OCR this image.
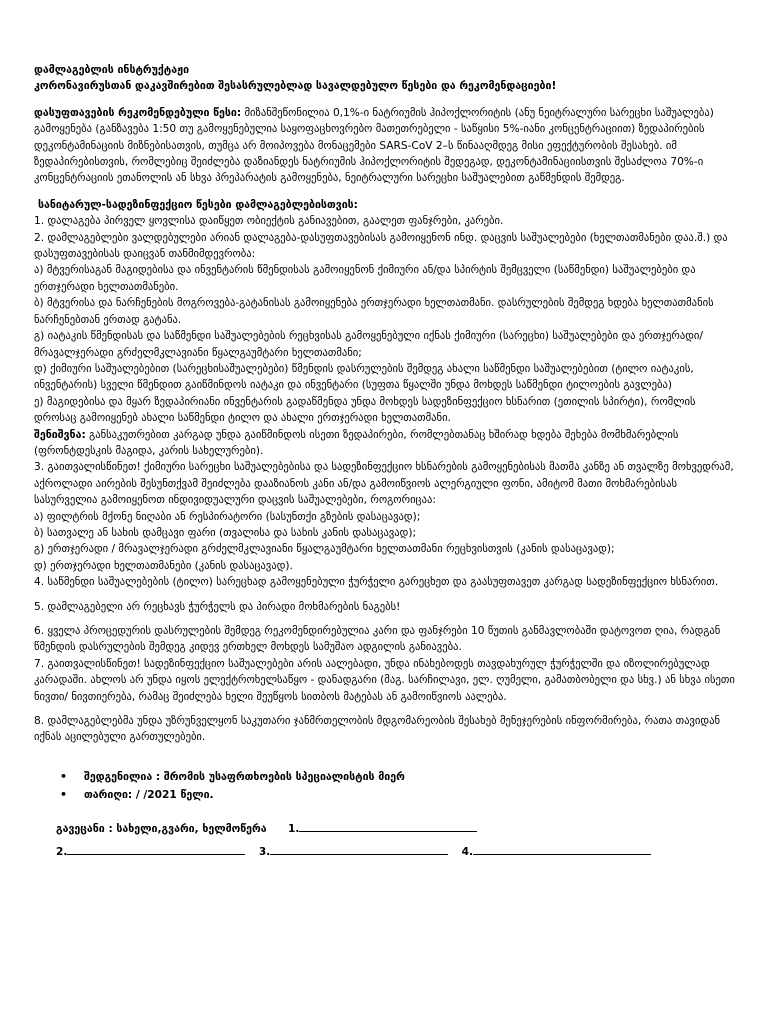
დამლაგებლის ინსტრუქტაჟი

კორონავირუსთან დაკავშირებით შესასრულებლად სავალდებულო წესები და რეკომენდაციები!

დასუფთავების რეკომენდებული წესი: მიზანშეწონილია 0,1%-ი ნატრიუმის ჰიპოქლორიტის (ანუ ნეიტრალური სარეცხი საშუალება) გამოყენება (განზავება 1:50 თუ გამოყენებულია საყოფაცხოვრებო მათეთრებელი - საწყისი 5%-იანი კონცენტრაციით) ზედაპირების დეკონტამინაციის მიზნებისათვის, თუმცა არ მოიპოვება მონაცემები SARS-CoV 2–ს წინააღმდეგ მისი ეფექტურობის შესახებ. იმ ზედაპირებისთვის, რომლებიც შეიძლება დაზიანდეს ნატრიუმის ჰიპოქლორიტის შედეგად, დეკონტამინაციისთვის შესაძლოა 70%-ი კონცენტრაციის ეთანოლის ან სხვა პრეპარატის გამოყენება, ნეიტრალური სარეცხი საშუალებით გაწმენდის შემდეგ.

სანიტარულ-სადეზინფექციო წესები დამლაგებლებისთვის:

1. დალაგება პირველ ყოვლისა დაიწყეთ ობიექტის განიავებით, გაალეთ ფანჯრები, კარები.

2. დამლაგებლები ვალდებულები არიან დალაგება-დასუფთავებისას გამოიყენონ ინდ. დაცვის საშუალებები (ხელთათმანები დაა.შ.) და დასუფთავებისას დაიცვან თანმიმდევრობა:

ა) მტვერისაგან მაგიდებისა და ინვენტარის წმენდისას გამოიყენონ ქიმიური ან/და სპირტის შემცველი (საწმენდი) საშუალებები და ერთჯერადი ხელთათმანები.

ბ) მტვერისა და ნარჩენების მოგროვება-გატანისას გამოიყენება ერთჯერადი ხელთათმანი. დასრულების შემდეგ ხდება ხელთათმანის ნარჩენებთან ერთად გატანა.

გ) იატაკის წმენდისას და საწმენდი საშუალებების რეცხვისას გამოყენებული იქნას ქიმიური (სარეცხი) საშუალებები და ერთჯერადი/მრავალჯერადი გრძელმკლავიანი წყალგაუმტარი ხელთათმანი;

დ) ქიმიური საშუალებებით (სარეცხისაშუალებები) წმენდის დასრულების შემდეგ ახალი საწმენდი საშუალებებით (ტილო იატაკის, ინვენტარის) სველი წმენდით გაიწმინდოს იატაკი და ინვენტარი (სუფთა წყალში უნდა მოხდეს საწმენდი ტილოების გავლება)

ე) მაგიდებისა და მყარ ზედაპირიანი ინვენტარის გადაწმენდა უნდა მოხდეს სადეზინფექციო ხსნარით (ეთილის სპირტი), რომლის დროსაც გამოიყენებ ახალი საწმენდი ტილო და ახალი ერთჯერადი ხელთათმანი.

შენიშვნა: განსაკუთრებით კარგად უნდა გაიწმინდოს ისეთი ზედაპირები, რომლებთანაც ხშირად ხდება შეხება მომხმარებლის (ფრონტდესკის მაგიდა, კარის სახელურები).

3. გაითვალისწინეთ! ქიმიური სარეცხი საშუალებებისა და სადეზინფექციო ხსნარების გამოყენებისას მათმა კანზე ან თვალზე მოხვედრამ, აქროლადი აირების შესუნთქვამ შეიძლება დააზიანოს კანი ან/და გამოიწვიოს ალერგიული ფონი, ამიტომ მათი მოხმარებისას სასურველია გამოიყენოთ ინდივიდუალური დაცვის საშუალებები, როგორიცაა:

ა) ფილტრის მქონე ნიღაბი ან რესპირატორი (სასუნთქი გზების დასაცავად);

ბ) სათვალე ან სახის დამცავი ფარი (თვალისა და სახის კანის დასაცავად);

გ) ერთჯერადი / მრავალჯერადი გრძელმკლავიანი წყალგაუმტარი ხელთათმანი რეცხვისთვის (კანის დასაცავად);

დ) ერთჯერადი ხელთათმანები (კანის დასაცავად).

4. საწმენდი საშუალებების (ტილო) სარეცხად გამოყენებული ჭურჭელი გარეცხეთ და გაასუფთავეთ კარგად სადეზინფექციო ხსნარით.

5. დამლაგებელი არ რეცხავს ჭურჭელს და პირადი მოხმარების ნაგებს!

6. ყველა პროცედურის დასრულების შემდეგ რეკომენდირებულია კარი და ფანჯრები 10 წუთის განმავლობაში დატოვოთ ღია, რადგან წმენდის დასრულების შემდეგ კიდევ ერთხელ მოხდეს სამუშაო ადგილის განიავება.

7. გაითვალისწინეთ! სადეზინფექციო საშუალებები არის აალებადი, უნდა ინახებოდეს თავდახურულ ჭურჭელში და იზოლირებულად კარადაში. ახლოს არ უნდა იყოს ელექტროხელსაწყო - დანადგარი (მაგ. სარჩილავი, ელ. ღუმელი, გამათბობელი და სხვ.) ან სხვა ისეთი ნივთი/ ნივთიერება, რამაც შეიძლება ხელი შეუწყოს სითბოს მატებას ან გამოიწვიოს აალება.

8. დამლაგებლებმა უნდა უზრუნველყონ საკუთარი ჯანმრთელობის მდგომარეობის შესახებ მენეჯერების ინფორმირება, რათა თავიდან იქნას აცილებული გართულებები.

• შედგენილია : შრომის უსაფრთხოების სპეციალისტის მიერ
• თარიღი: / /2021 წელი.

გავეცანი : სახელი,გვარი, ხელმოწერა 1.

2.	3.	4.
